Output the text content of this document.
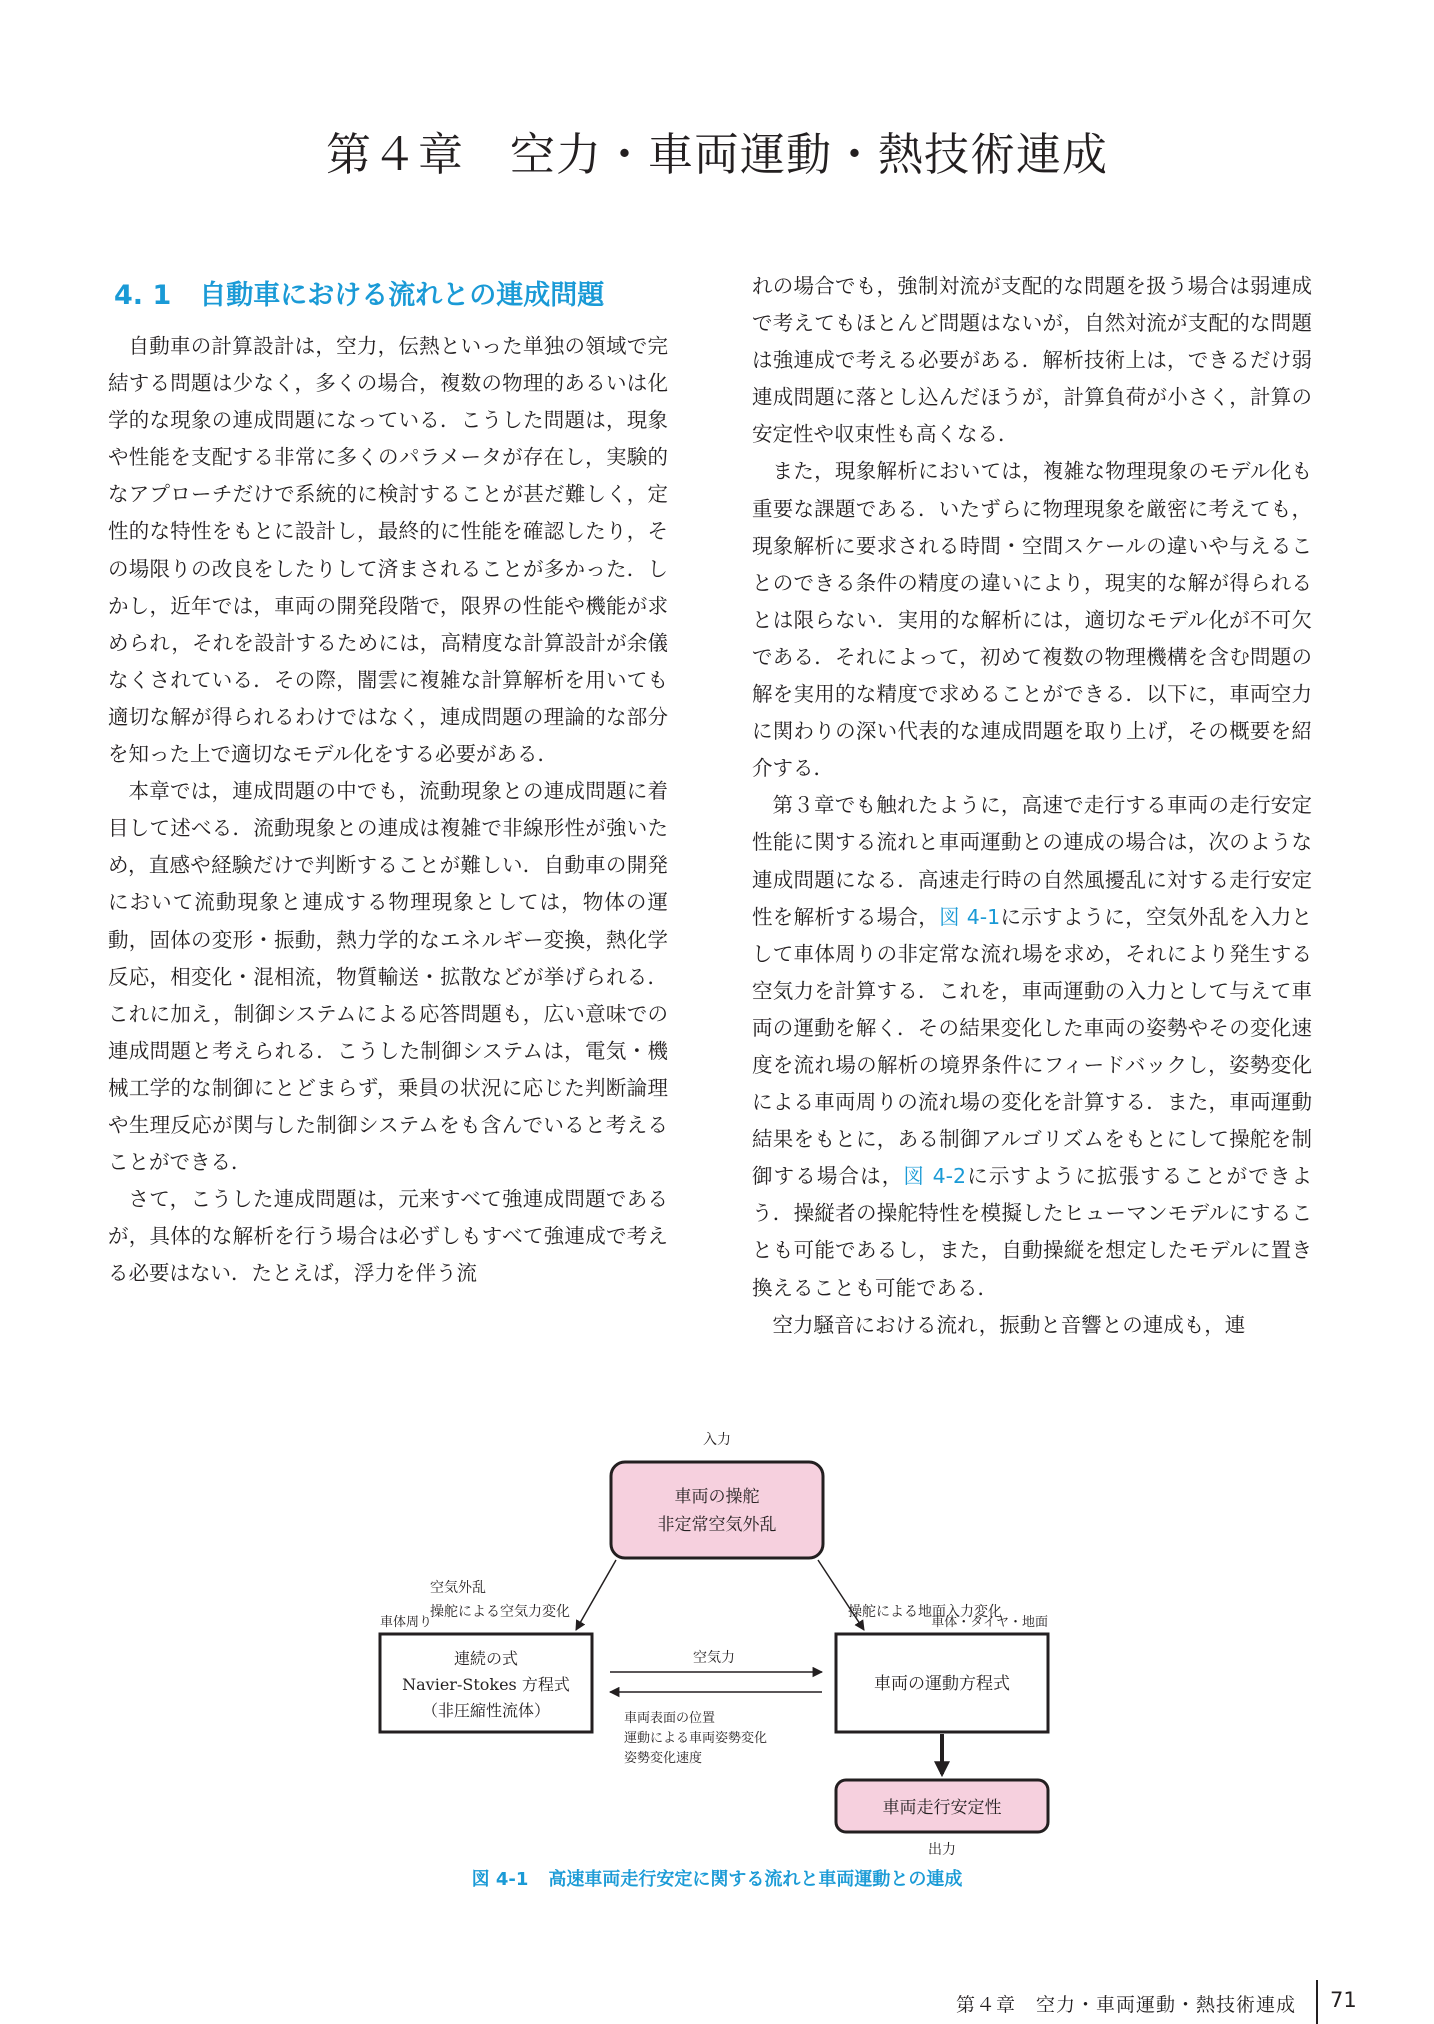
第４章　空力・車両運動・熱技術連成
4. 1 自動車における流れとの連成問題

自動車の計算設計は，空力，伝熱といった単独の領域で完結する問題は少なく，多くの場合，複数の物理的あるいは化学的な現象の連成問題になっている．こうした問題は，現象や性能を支配する非常に多くのパラメータが存在し，実験的なアプローチだけで系統的に検討することが甚だ難しく，定性的な特性をもとに設計し，最終的に性能を確認したり，その場限りの改良をしたりして済まされることが多かった．しかし，近年では，車両の開発段階で，限界の性能や機能が求められ，それを設計するためには，高精度な計算設計が余儀なくされている．その際，闇雲に複雑な計算解析を用いても適切な解が得られるわけではなく，連成問題の理論的な部分を知った上で適切なモデル化をする必要がある．

本章では，連成問題の中でも，流動現象との連成問題に着目して述べる．流動現象との連成は複雑で非線形性が強いため，直感や経験だけで判断することが難しい．自動車の開発において流動現象と連成する物理現象としては，物体の運動，固体の変形・振動，熱力学的なエネルギー変換，熱化学反応，相変化・混相流，物質輸送・拡散などが挙げられる．これに加え，制御システムによる応答問題も，広い意味での連成問題と考えられる．こうした制御システムは，電気・機械工学的な制御にとどまらず，乗員の状況に応じた判断論理や生理反応が関与した制御システムをも含んでいると考えることができる．

さて，こうした連成問題は，元来すべて強連成問題であるが，具体的な解析を行う場合は必ずしもすべて強連成で考える必要はない．たとえば，浮力を伴う流

れの場合でも，強制対流が支配的な問題を扱う場合は弱連成で考えてもほとんど問題はないが，自然対流が支配的な問題は強連成で考える必要がある．解析技術上は，できるだけ弱連成問題に落とし込んだほうが，計算負荷が小さく，計算の安定性や収束性も高くなる．

また，現象解析においては，複雑な物理現象のモデル化も重要な課題である．いたずらに物理現象を厳密に考えても，現象解析に要求される時間・空間スケールの違いや与えることのできる条件の精度の違いにより，現実的な解が得られるとは限らない．実用的な解析には，適切なモデル化が不可欠である．それによって，初めて複数の物理機構を含む問題の解を実用的な精度で求めることができる．以下に，車両空力に関わりの深い代表的な連成問題を取り上げ，その概要を紹介する．

第３章でも触れたように，高速で走行する車両の走行安定性能に関する流れと車両運動との連成の場合は，次のような連成問題になる．高速走行時の自然風擾乱に対する走行安定性を解析する場合，図 4-1に示すように，空気外乱を入力として車体周りの非定常な流れ場を求め，それにより発生する空気力を計算する．これを，車両運動の入力として与えて車両の運動を解く．その結果変化した車両の姿勢やその変化速度を流れ場の解析の境界条件にフィードバックし，姿勢変化による車両周りの流れ場の変化を計算する．また，車両運動結果をもとに，ある制御アルゴリズムをもとにして操舵を制御する場合は，図 4-2に示すように拡張することができよう．操縦者の操舵特性を模擬したヒューマンモデルにすることも可能であるし，また，自動操縦を想定したモデルに置き換えることも可能である．

空力騒音における流れ，振動と音響との連成も，連

入力
車両の操舵
非定常空気外乱
空気外乱
操舵による空気力変化	操舵による地面入力変化
車体周り	車体・タイヤ・地面
連続の式
Navier-Stokes 方程式
（非圧縮性流体）
車両の運動方程式
空気力
車両表面の位置
運動による車両姿勢変化
姿勢変化速度
車両走行安定性
出力
図 4-1 高速車両走行安定に関する流れと車両運動との連成
第４章　空力・車両運動・熱技術連成 71
